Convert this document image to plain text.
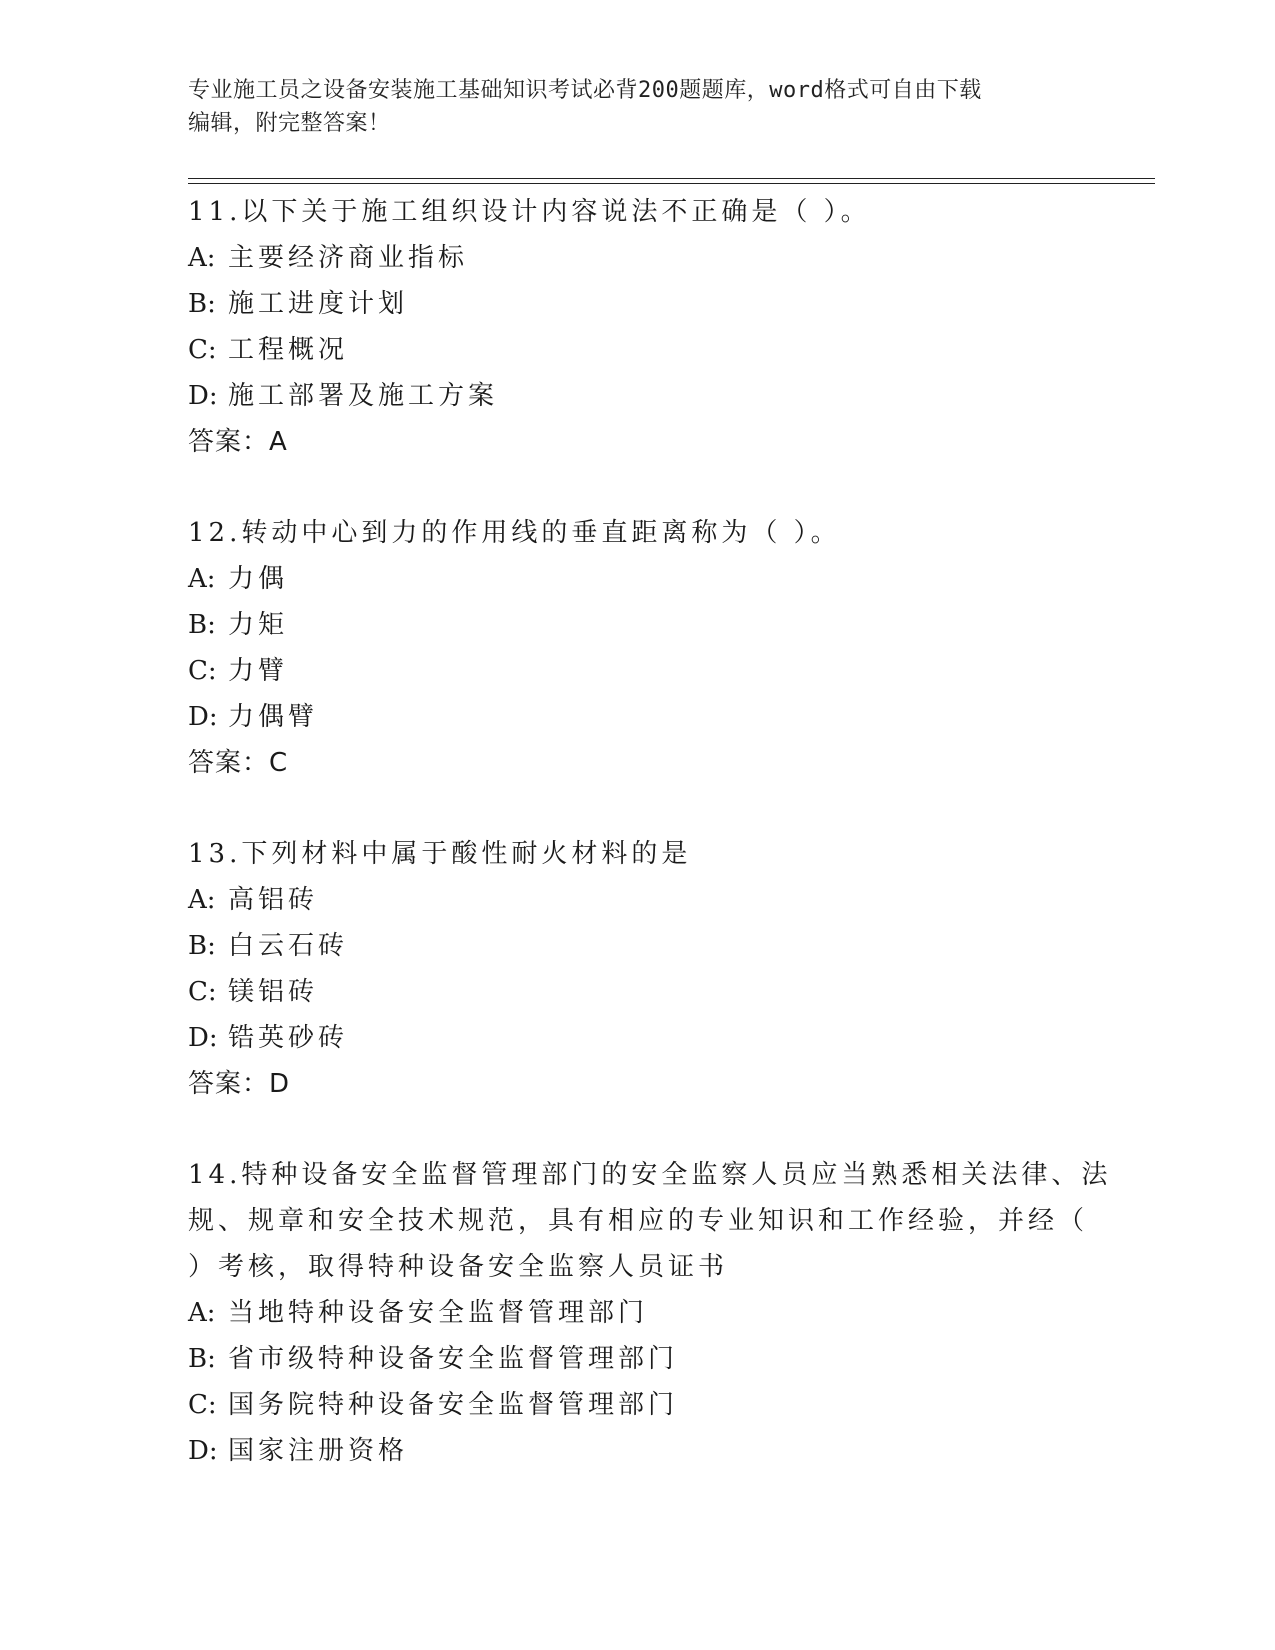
专业施工员之设备安装施工基础知识考试必背200题题库，word格式可自由下载
编辑，附完整答案！
11.以下关于施工组织设计内容说法不正确是（ ）。
A: 主要经济商业指标
B: 施工进度计划
C: 工程概况
D: 施工部署及施工方案
答案：A
12.转动中心到力的作用线的垂直距离称为（ ）。
A: 力偶
B: 力矩
C: 力臂
D: 力偶臂
答案：C
13.下列材料中属于酸性耐火材料的是
A: 高铝砖
B: 白云石砖
C: 镁铝砖
D: 锆英砂砖
答案：D
14.特种设备安全监督管理部门的安全监察人员应当熟悉相关法律、法
规、规章和安全技术规范，具有相应的专业知识和工作经验，并经（
）考核，取得特种设备安全监察人员证书
A: 当地特种设备安全监督管理部门
B: 省市级特种设备安全监督管理部门
C: 国务院特种设备安全监督管理部门
D: 国家注册资格
